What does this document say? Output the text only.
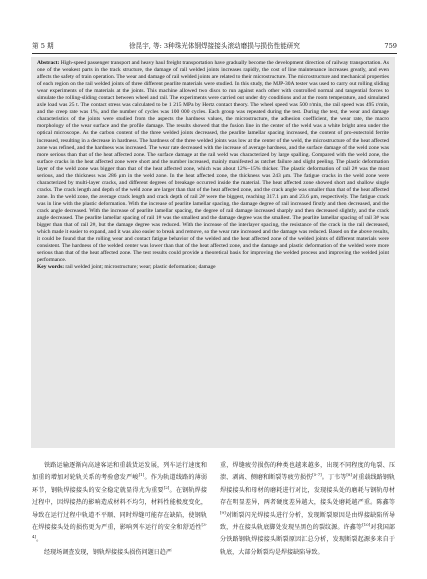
第 5 期	徐昆宇, 等: 3种珠光体钢焊接接头滚动磨损与损伤性能研究	759

Abstract: High-speed passenger transport and heavy haul freight transportation have gradually become the development direction of railway transportation. As one of the weakest parts in the track structure, the damage of rail welded joints increases rapidly, the cost of line maintenance increases greatly, and even affects the safety of train operation. The wear and damage of rail welded joints are related to their microstructure. The microstructure and mechanical properties of each region on the rail welded joints of three different pearlite materials were studied. In this study, the MJP-30A tester was used to carry out rolling sliding wear experiments of the materials at the joints. This machine allowed two discs to run against each other with controlled normal and tangential forces to simulate the rolling-sliding contact between wheel and rail. The experiments were carried out under dry conditions and at the room temperature, and simulated axle load was 25 t. The contact stress was calculated to be 1 215 MPa by Hertz contact theory. The wheel speed was 500 r/min, the rail speed was 495 r/min, and the creep rate was 1%, and the number of cycles was 100 000 cycles. Each group was repeated during the test. During the test, the wear and damage characteristics of the joints were studied from the aspects the hardness values, the microstructure, the adhesion coefficient, the wear rate, the macro morphology of the wear surface and the profile damage. The results showed that the fusion line in the center of the weld was a white bright area under the optical microscope. As the carbon content of the three welded joints decreased, the pearlite lamellar spacing increased, the content of pro-eutectoid ferrite increased, resulting in a decrease in hardness. The hardness of the three welded joints was low at the center of the weld, the microstructure of the heat affected zone was refined, and the hardness was increased. The wear rate decreased with the increase of average hardness, and the surface damage of the weld zone was more serious than that of the heat affected zone. The surface damage at the rail weld was characterized by large spalling. Compared with the weld zone, the surface cracks in the heat affected zone were short and the number increased, mainly manifested as ratchet failure and slight peeling. The plastic deformation layer of the weld zone was bigger than that of the heat affected zone, which was about 12%~15% thicker. The plastic deformation of rail 2# was the most serious, and the thickness was 286 μm in the weld zone. In the heat affected zone, the thickness was 243 μm. The fatigue cracks in the weld zone were characterized by multi-layer cracks, and different degrees of breakage occurred inside the material. The heat affected zone showed short and shallow single cracks. The crack length and depth of the weld zone are larger than that of the heat affected zone, and the crack angle was smaller than that of the heat affected zone. In the weld zone, the average crack length and crack depth of rail 2# were the biggest, reaching 317.1 μm and 23.6 μm, respectively. The fatigue crack was in line with the plastic deformation. With the increase of pearlite lamellar spacing, the damage degree of rail increased firstly and then decreased, and the crack angle decreased. With the increase of pearlite lamellar spacing, the degree of rail damage increased sharply and then decreased slightly, and the crack angle decreased. The pearlite lamellar spacing of rail 1# was the smallest and the damage degree was the smallest. The pearlite lamellar spacing of rail 3# was bigger than that of rail 2#, but the damage degree was reduced. With the increase of the interlayer spacing, the resistance of the crack in the rail decreased, which made it easier to expand, and it was also easier to break and remove, so the wear rate increased and the damage was reduced. Based on the above results, it could be found that the rolling wear and contact fatigue behavior of the welded and the heat affected zone of the welded joints of different materials were consistent. The hardness of the welded center was lower than that of the heat affected zone, and the damage and plastic deformation of the welded were more serious than that of the heat affected zone. The test results could provide a theoretical basis for improving the welded process and improving the welded joint performance.

Key words: rail welded joint; microstructure; wear; plastic deformation; damage

铁路运输逐渐向高速客运和重载货运发展，列车运行速度和加重的增加对轮轨关系的考验愈发严峻[1]。作为轨道线路的薄弱环节，钢轨焊接接头的安全稳定就显得尤为重要[2]。在钢轨焊接过程中，因焊接热的影响造成材料不均匀，材料性能极度变化，导致在运行过程中轨道不平顺、同时焊缝可能存在缺陷，使钢轨在焊接接头处的损伤更为严重，影响列车运行的安全和舒适性[3-4]。

经现场调查发现，钢轨焊接接头损伤问题日趋严

重，焊缝疲劳损伤的种类也越来越多，出现不同程度的龟裂、压溃、剥离、侧磨和断裂等疲劳损伤[5-7]。丁韦等[8]对重载线路钢轨焊接接头和母材的磨耗进行对比，发现接头处的磨耗与钢轨母材存在明显差异，两者硬度差异越大，接头处磨耗越严重。陈鑫等[9]对断裂闪光焊接头进行分析，发现断裂原因是由焊接缺陷所导致，并在接头轨底脚处发现呈黑色的裂纹源。许鑫等[10]对我国部分铁路钢轨焊接接头断裂原因汇总分析，发现断裂起源多来自于轨底，大部分断裂均是焊接缺陷导致。
